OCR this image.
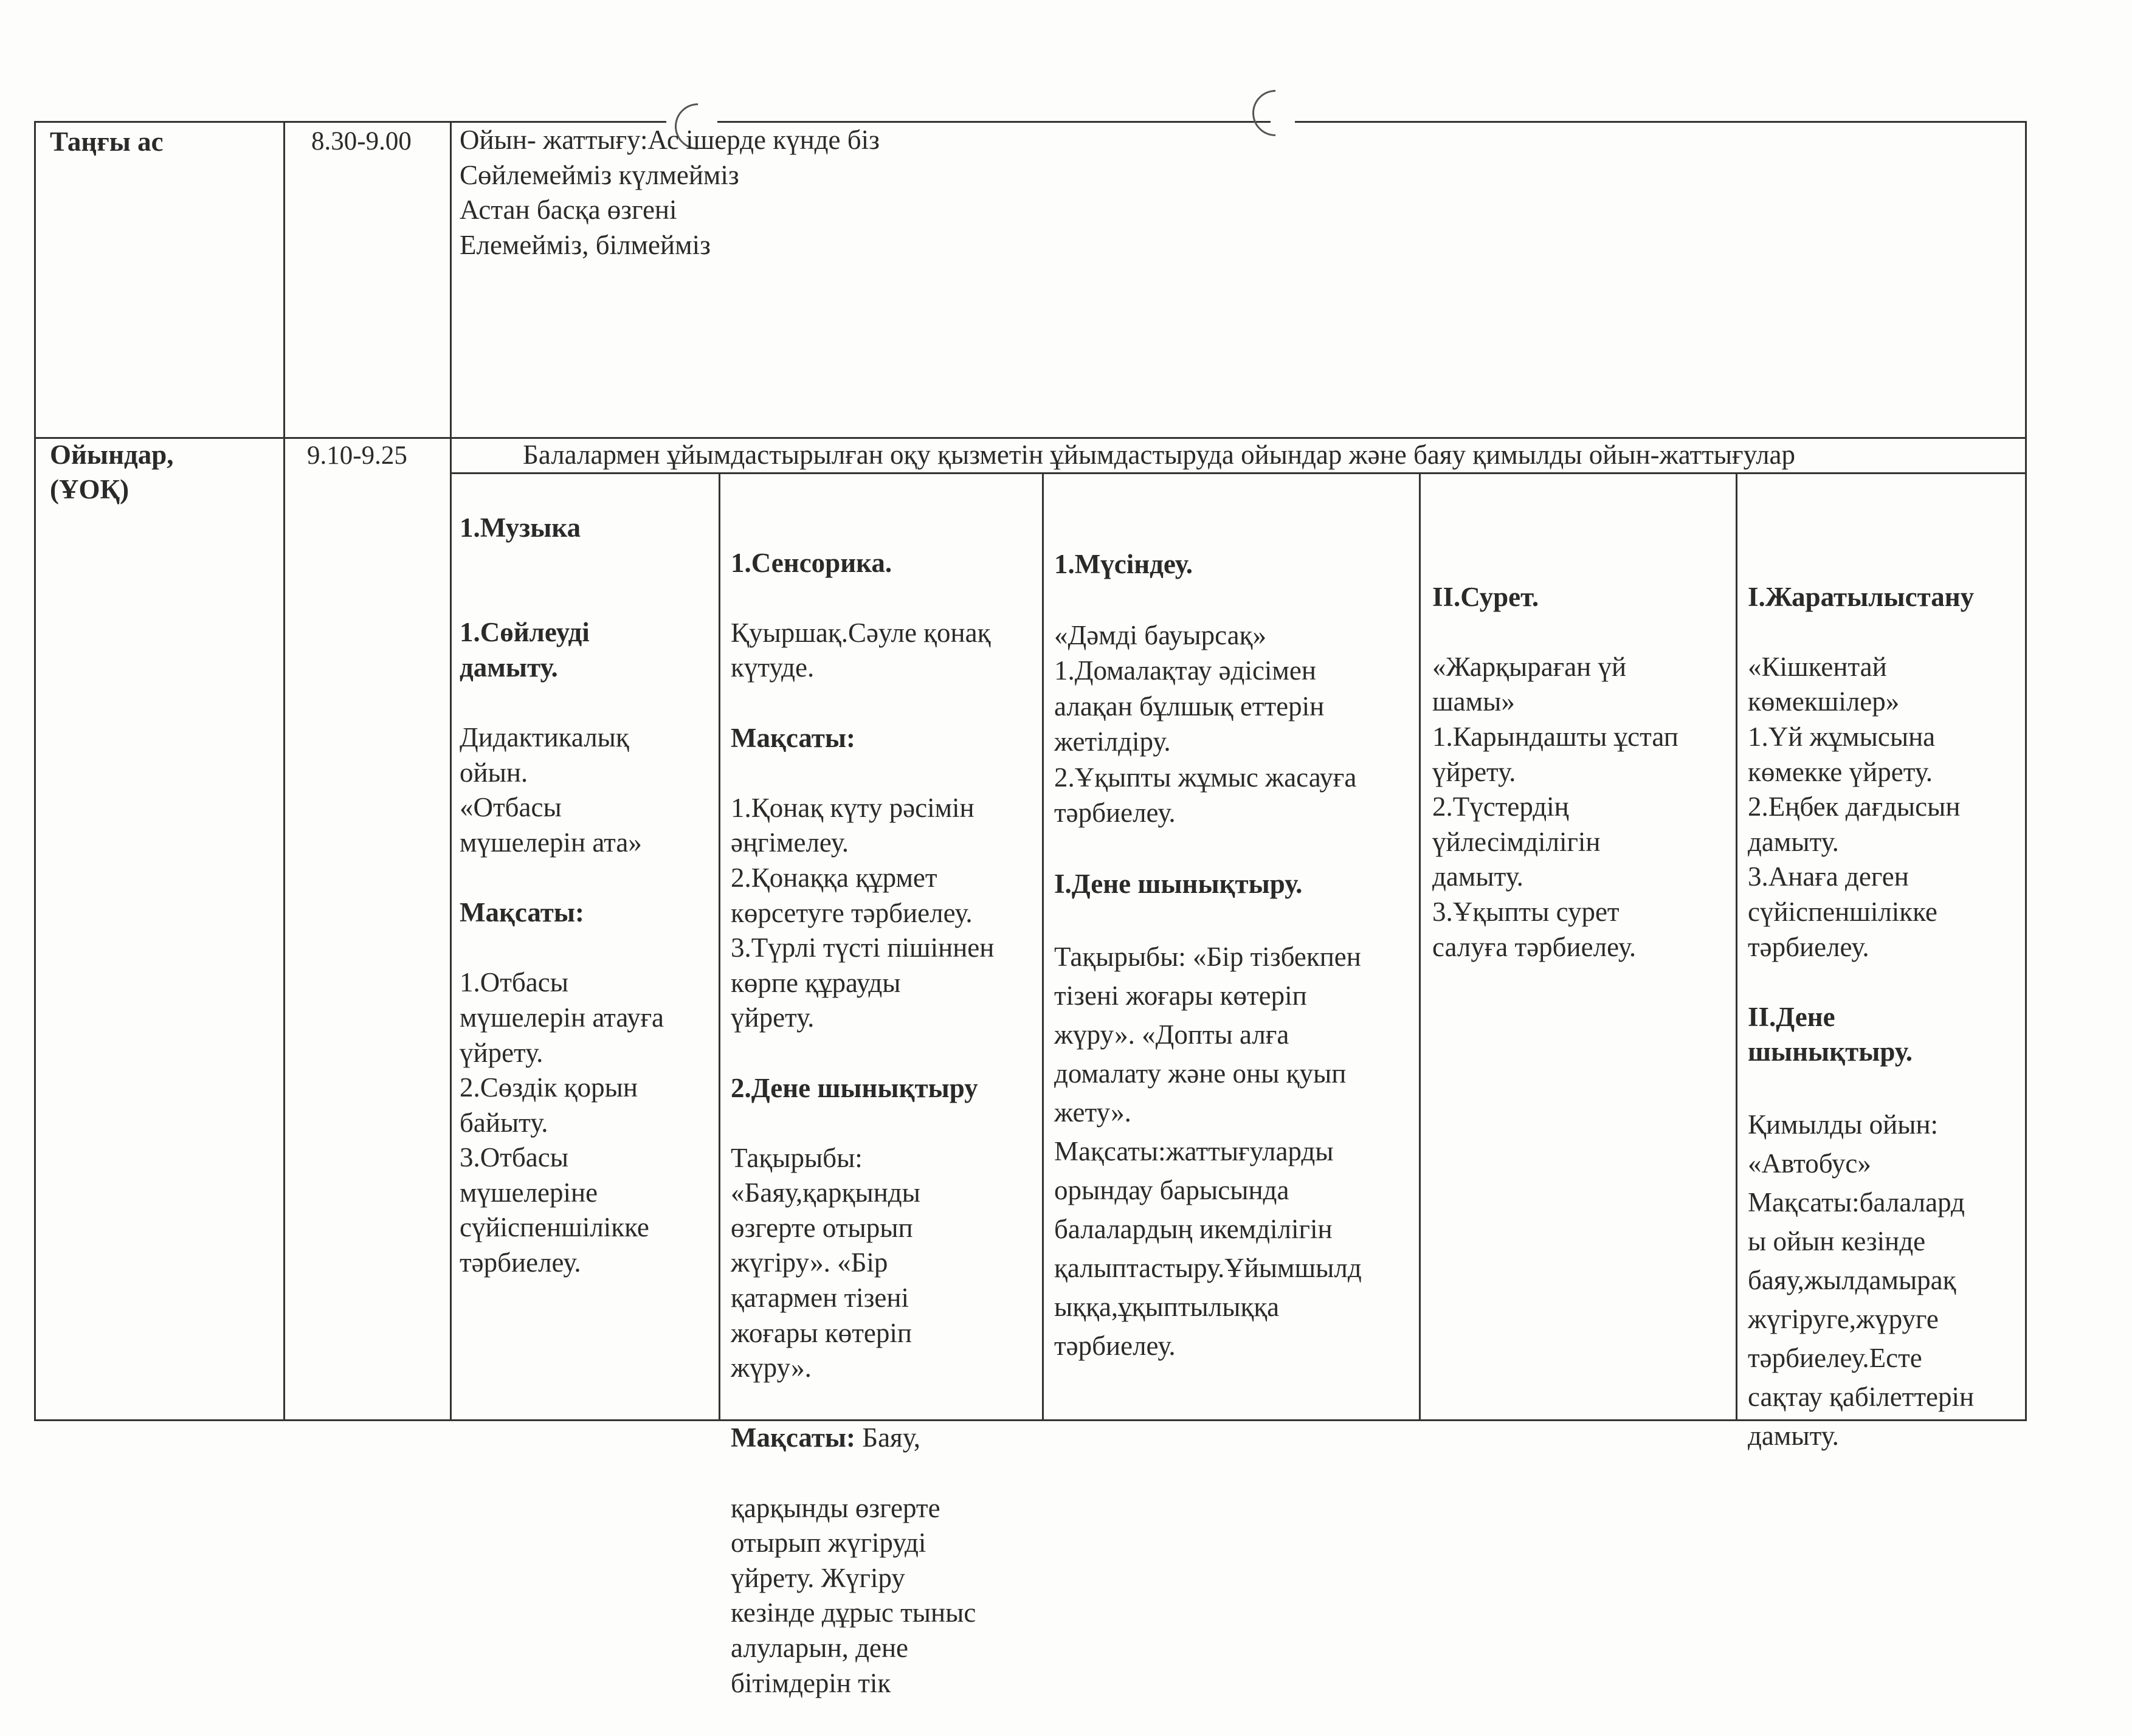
Таңғы ас	8.30-9.00 Ойын- жаттығу:Ас ішерде күнде біз
Сөйлемейміз күлмейміз
Астан басқа өзгені
Елемейміз, білмейміз
Ойындар,
(ҰОҚ)
9.10-9.25	Балалармен ұйымдастырылған оқу қызметін ұйымдастыруда ойындар және баяу қимылды ойын-жаттығулар

1.Музыка

1.Сөйлеуді
дамыту.

Дидактикалық
ойын.
«Отбасы
мүшелерін ата»

Мақсаты:

1.Отбасы
мүшелерін атауға
үйрету.
2.Сөздік қорын
байыту.
3.Отбасы
мүшелеріне
сүйіспеншілікке
тәрбиелеу.

1.Сенсорика.

Қуыршақ.Сәуле қонақ
күтуде.

Мақсаты:

1.Қонақ күту рәсімін
әңгімелеу.
2.Қонаққа құрмет
көрсетуге тәрбиелеу.
3.Түрлі түсті пішіннен
көрпе құрауды
үйрету.

2.Дене шынықтыру

Тақырыбы:
«Баяу,қарқынды
өзгерте отырып
жүгіру». «Бір
қатармен тізені
жоғары көтеріп
жүру».

Мақсаты: Баяу,

қарқынды өзгерте
отырып жүгіруді
үйрету. Жүгіру
кезінде дұрыс тыныс
алуларын, дене
бітімдерін тік

1.Мүсіндеу.

«Дәмді бауырсақ»
1.Домалақтау әдісімен
алақан бұлшық еттерін
жетілдіру.
2.Ұқыпты жұмыс жасауға
тәрбиелеу.

І.Дене шынықтыру.

Тақырыбы: «Бір тізбекпен
тізені жоғары көтеріп
жүру». «Допты алға
домалату және оны қуып
жету».
Мақсаты:жаттығуларды
орындау барысында
балалардың икемділігін
қалыптастыру.Ұйымшылд
ыққа,ұқыптылыққа
тәрбиелеу.

ІІ.Сурет.

«Жарқыраған үй
шамы»
1.Карындашты ұстап
үйрету.
2.Түстердің
үйлесімділігін
дамыту.
3.Ұқыпты сурет
салуға тәрбиелеу.

І.Жаратылыстану

«Кішкентай
көмекшілер»
1.Үй жұмысына
көмекке үйрету.
2.Еңбек дағдысын
дамыту.
3.Анаға деген
сүйіспеншілікке
тәрбиелеу.

ІІ.Дене
шынықтыру.

Қимылды ойын:
«Автобус»
Мақсаты:балалард
ы ойын кезінде
баяу,жылдамырақ
жүгіруге,жүруге
тәрбиелеу.Есте
сақтау қабілеттерін
дамыту.
